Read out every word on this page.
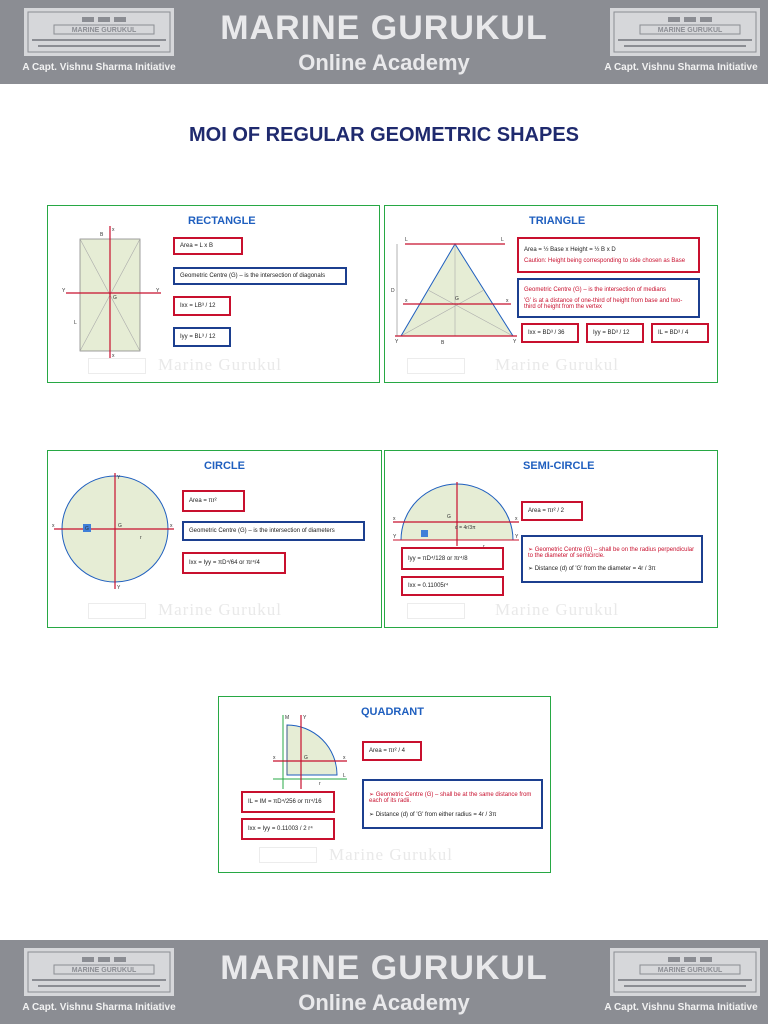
MARINE GURUKUL
A Capt. Vishnu Sharma Initiative
MARINE GURUKUL
Online Academy
MARINE GURUKUL
A Capt. Vishnu Sharma Initiative
MOI OF REGULAR GEOMETRIC SHAPES
RECTANGLE
B
x
Y	Y
G
L
x
Area = L x B
Geometric Centre (G) – is the intersection of diagonals
Ixx = LB³ / 12
Iyy = BL³ / 12
Marine Gurukul
TRIANGLE
L	L
D
x	x
G
Y	Y
B
Area = ½ Base x Height = ½ B x D
Caution: Height being corresponding to side chosen as Base
Geometric Centre (G) – is the intersection of medians
'G' is at a distance of one-third of height from base and two-third of height from the vertex
Ixx = BD³ / 36	Iyy = BD³ / 12	IL = BD³ / 4
Marine Gurukul
CIRCLE
G	G
x	x
Y
Y
r
Area = πr²
Geometric Centre (G) – is the intersection of diameters
Ixx = Iyy = πD⁴/64 or πr⁴/4
Marine Gurukul
SEMI-CIRCLE
G
x	x
Y	Y
d = 4r/3π
r
Area = πr² / 2
➢ Geometric Centre (G) – shall be on the radius perpendicular to the diameter of semicircle.
➢ Distance (d) of 'G' from the diameter = 4r / 3π
Iyy = πD⁴/128 or πr⁴/8
Ixx = 0.11005r⁴
Marine Gurukul
QUADRANT
Y
M
x	x
L
G
r
Area = πr² / 4
➢ Geometric Centre (G) – shall be at the same distance from each of its radii.
➢ Distance (d) of 'G' from either radius = 4r / 3π
IL = IM = πD⁴/256 or πr⁴/16
Ixx = Iyy = 0.11003 / 2 r⁴
Marine Gurukul
MARINE GURUKUL
A Capt. Vishnu Sharma Initiative
MARINE GURUKUL
Online Academy
MARINE GURUKUL
A Capt. Vishnu Sharma Initiative
